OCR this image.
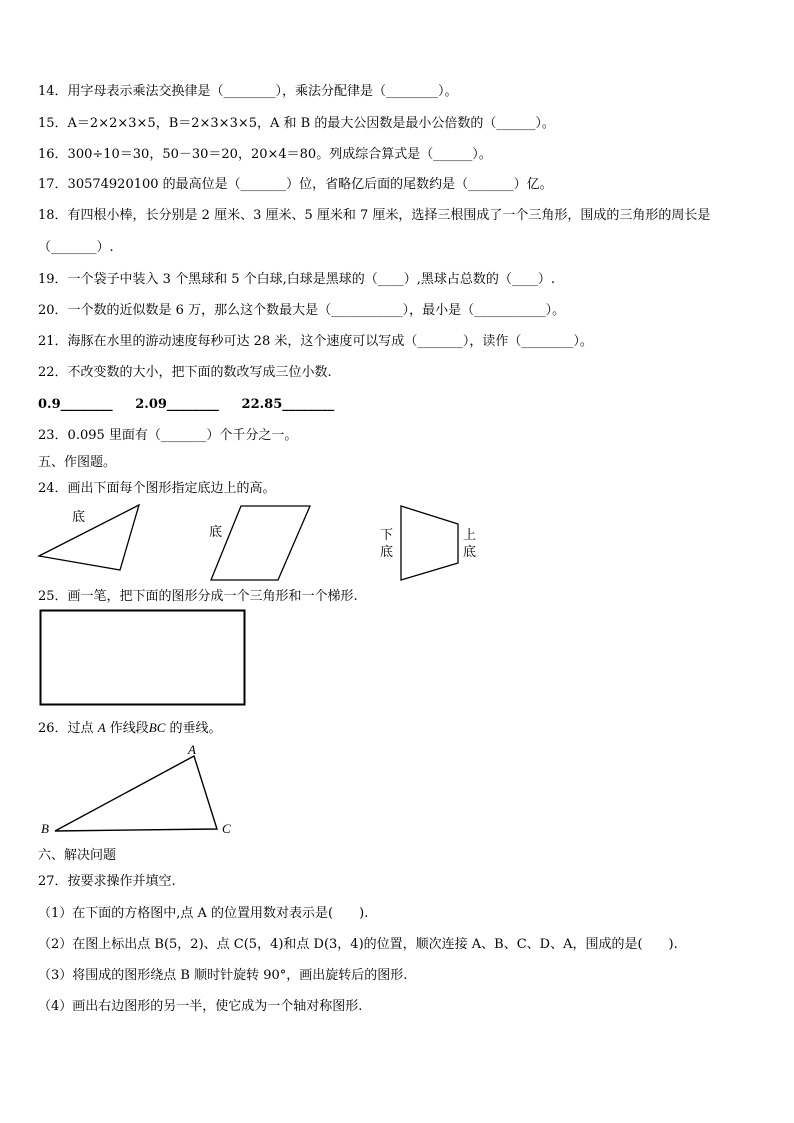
14．用字母表示乘法交换律是（________），乘法分配律是（________）。
15．A＝2×2×3×5，B＝2×3×3×5，A 和 B 的最大公因数是最小公倍数的（______）。
16．300÷10＝30，50－30＝20，20×4＝80。列成综合算式是（______）。
17．30574920100 的最高位是（_______）位，省略亿后面的尾数约是（_______）亿。
18．有四根小棒，长分别是 2 厘米、3 厘米、5 厘米和 7 厘米，选择三根围成了一个三角形，围成的三角形的周长是
（_______）.
19．一个袋子中装入 3 个黑球和 5 个白球,白球是黑球的（____）,黑球占总数的（____）.
20．一个数的近似数是 6 万，那么这个数最大是（___________），最小是（___________）。
21．海豚在水里的游动速度每秒可达 28 米，这个速度可以写成（_______），读作（________）。
22．不改变数的大小，把下面的数改写成三位小数.
0.9________     2.09________     22.85________
23．0.095 里面有（_______）个千分之一。
五、作图题。
24．画出下面每个图形指定底边上的高。
底
底	下
底
上
底
25．画一笔，把下面的图形分成一个三角形和一个梯形.
26．过点 A 作线段BC 的垂线。
A
B	C
六、解决问题
27．按要求操作并填空.
（1）在下面的方格图中,点 A 的位置用数对表示是(　　).
（2）在图上标出点 B(5，2)、点 C(5，4)和点 D(3，4)的位置，顺次连接 A、B、C、D、A，围成的是(　　).
（3）将围成的图形绕点 B 顺时针旋转 90°，画出旋转后的图形.
（4）画出右边图形的另一半，使它成为一个轴对称图形.
